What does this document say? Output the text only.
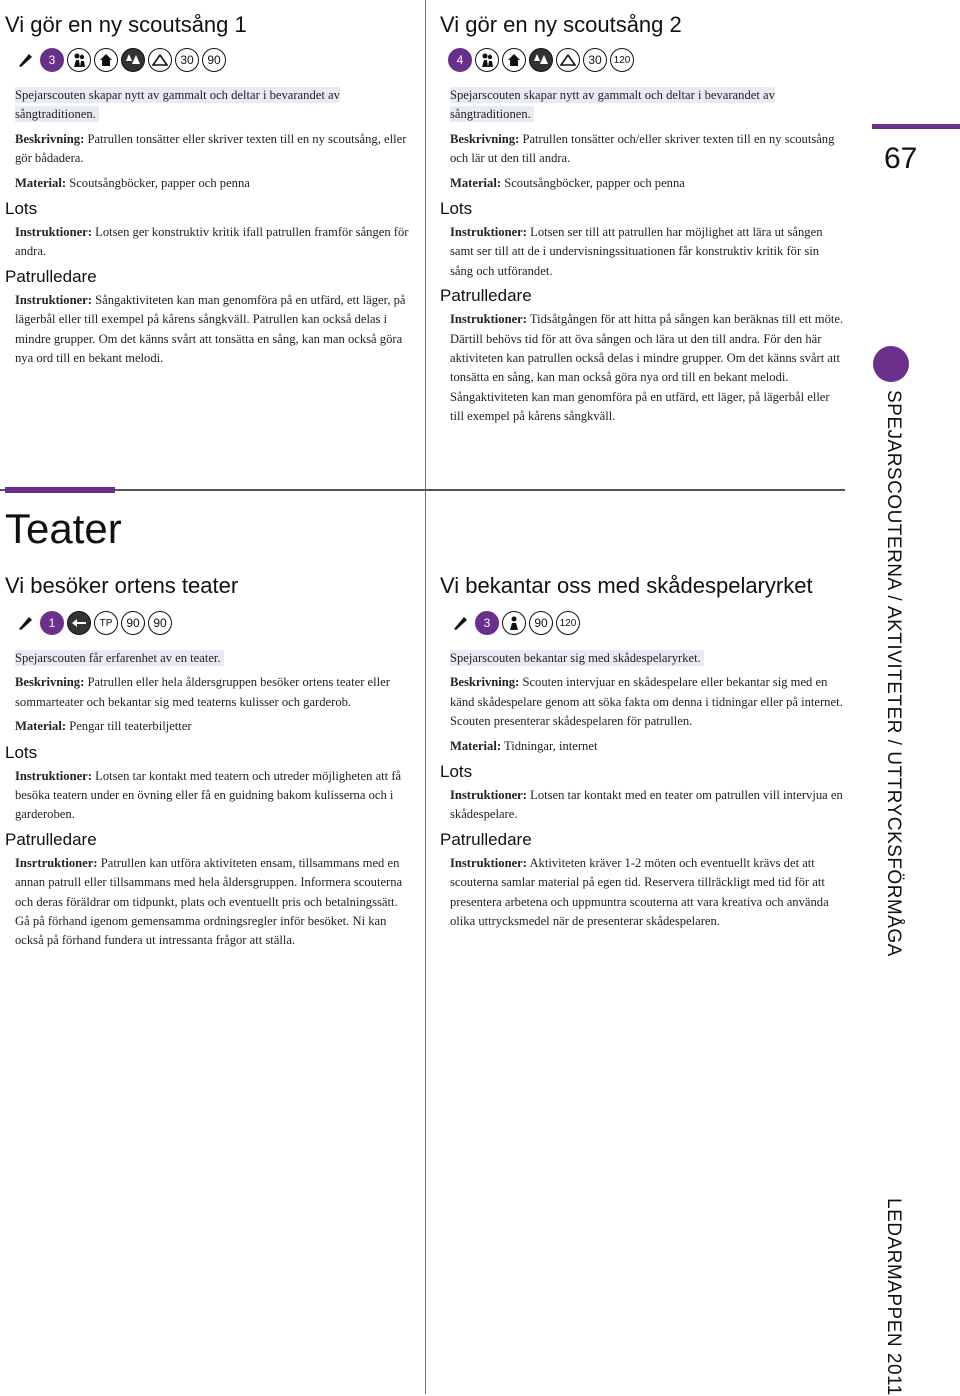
Vi gör en ny scoutsång 1
3	30	90

Spejarscouten skapar nytt av gammalt och deltar i bevarandet av sångtraditionen.

Beskrivning: Patrullen tonsätter eller skriver texten till en ny scoutsång, eller gör bådadera.

Material: Scoutsångböcker, papper och penna

Lots

Instruktioner: Lotsen ger konstruktiv kritik ifall patrullen framför sången för andra.

Patrulledare

Instruktioner: Sångaktiviteten kan man genomföra på en utfärd, ett läger, på lägerbål eller till exempel på kårens sångkväll. Patrullen kan också delas i mindre grupper. Om det känns svårt att tonsätta en sång, kan man också göra nya ord till en bekant melodi.

Vi gör en ny scoutsång 2
4	30	120

Spejarscouten skapar nytt av gammalt och deltar i bevarandet av sångtraditionen.

Beskrivning: Patrullen tonsätter och/eller skriver texten till en ny scoutsång och lär ut den till andra.

Material: Scoutsångböcker, papper och penna

Lots

Instruktioner: Lotsen ser till att patrullen har möjlighet att lära ut sången samt ser till att de i undervisningssituationen får konstruktiv kritik för sin sång och utförandet.

Patrulledare

Instruktioner: Tidsåtgången för att hitta på sången kan beräknas till ett möte. Därtill behövs tid för att öva sången och lära ut den till andra. För den här aktiviteten kan patrullen också delas i mindre grupper. Om det känns svårt att tonsätta en sång, kan man också göra nya ord till en bekant melodi. Sångaktiviteten kan man genomföra på en utfärd, ett läger, på lägerbål eller till exempel på kårens sångkväll.

Teater
Vi besöker ortens teater
1	TP	90	90

Spejarscouten får erfarenhet av en teater.

Beskrivning: Patrullen eller hela åldersgruppen besöker ortens teater eller sommarteater och bekantar sig med teaterns kulisser och garderob.

Material: Pengar till teaterbiljetter

Lots

Instruktioner: Lotsen tar kontakt med teatern och utreder möjligheten att få besöka teatern under en övning eller få en guidning bakom kulisserna och i garderoben.

Patrulledare

Insrtruktioner: Patrullen kan utföra aktiviteten ensam, tillsammans med en annan patrull eller tillsammans med hela åldersgruppen. Informera scouterna och deras föräldrar om tidpunkt, plats och eventuellt pris och betalningssätt. Gå på förhand igenom gemensamma ordningsregler inför besöket. Ni kan också på förhand fundera ut intressanta frågor att ställa.

Vi bekantar oss med skådespelaryrket
3	90	120

Spejarscouten bekantar sig med skådespelaryrket.

Beskrivning: Scouten intervjuar en skådespelare eller bekantar sig med en känd skådespelare genom att söka fakta om denna i tidningar eller på internet. Scouten presenterar skådespelaren för patrullen.

Material: Tidningar, internet

Lots

Instruktioner: Lotsen tar kontakt med en teater om patrullen vill intervjua en skådespelare.

Patrulledare

Instruktioner: Aktiviteten kräver 1-2 möten och eventuellt krävs det att scouterna samlar material på egen tid. Reservera tillräckligt med tid för att presentera arbetena och uppmuntra scouterna att vara kreativa och använda olika uttrycksmedel när de presenterar skådespelaren.

67
SPEJARSCOUTERNA / AKTIVITETER / UTTRYCKSFÖRMÅGA
LEDARMAPPEN 2011
